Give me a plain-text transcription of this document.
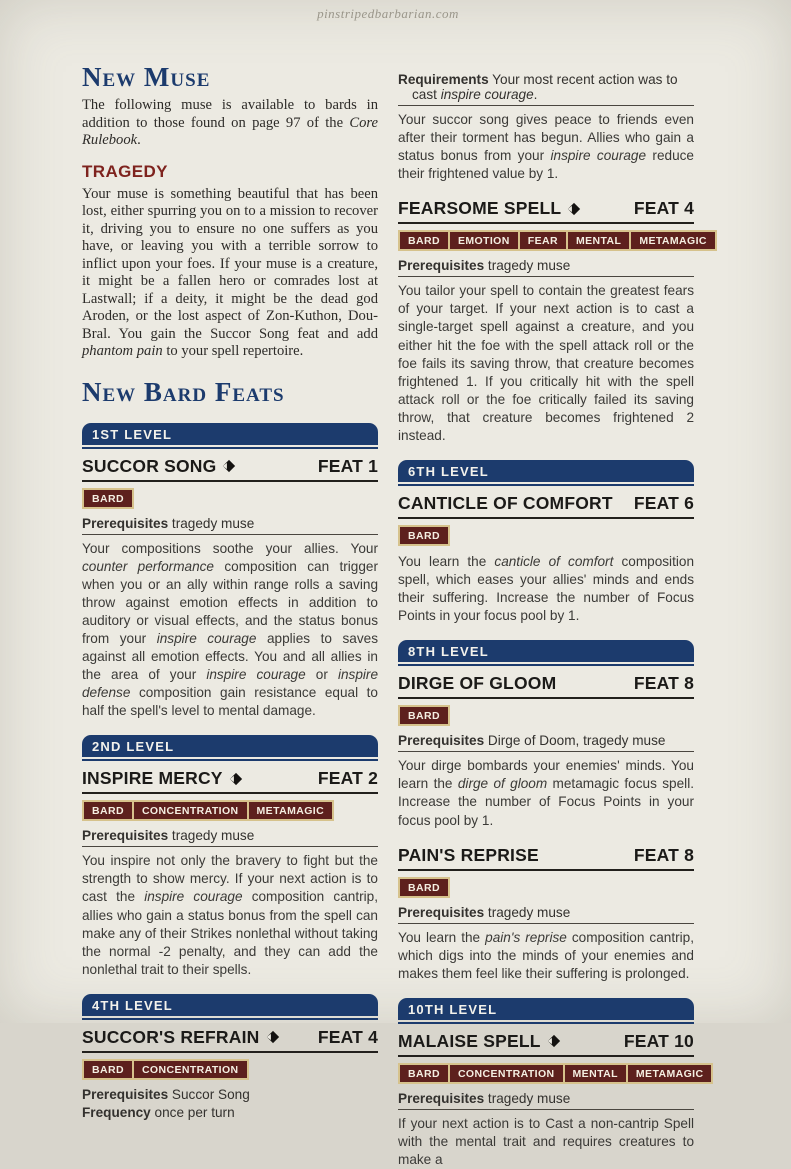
pinstripedbarbarian.com
New Muse

The following muse is available to bards in addition to those found on page 97 of the Core Rulebook.

TRAGEDY

Your muse is something beautiful that has been lost, either spurring you on to a mission to recover it, driving you to ensure no one suffers as you have, or leaving you with a terrible sorrow to inflict upon your foes. If your muse is a creature, it might be a fallen hero or comrades lost at Lastwall; if a deity, it might be the dead god Aroden, or the lost aspect of Zon-Kuthon, Dou-Bral. You gain the Succor Song feat and add phantom pain to your spell repertoire.

New Bard Feats
1ST LEVEL
SUCCOR SONG	FEAT 1
BARD

Prerequisites tragedy muse

Your compositions soothe your allies. Your counter performance composition can trigger when you or an ally within range rolls a saving throw against emotion effects in addition to auditory or visual effects, and the status bonus from your inspire courage applies to saves against all emotion effects. You and all allies in the area of your inspire courage or inspire defense composition gain resistance equal to half the spell's level to mental damage.

2ND LEVEL
INSPIRE MERCY	FEAT 2
BARD	CONCENTRATION	METAMAGIC

Prerequisites tragedy muse

You inspire not only the bravery to fight but the strength to show mercy. If your next action is to cast the inspire courage composition cantrip, allies who gain a status bonus from the spell can make any of their Strikes nonlethal without taking the normal -2 penalty, and they can add the nonlethal trait to their spells.

4TH LEVEL
SUCCOR'S REFRAIN	FEAT 4
BARD	CONCENTRATION

Prerequisites Succor Song

Frequency once per turn

Requirements Your most recent action was to cast inspire courage.

Your succor song gives peace to friends even after their torment has begun. Allies who gain a status bonus from your inspire courage reduce their frightened value by 1.

FEARSOME SPELL	FEAT 4
BARD	EMOTION	FEAR	MENTAL	METAMAGIC

Prerequisites tragedy muse

You tailor your spell to contain the greatest fears of your target. If your next action is to cast a single-target spell against a creature, and you either hit the foe with the spell attack roll or the foe fails its saving throw, that creature becomes frightened 1. If you critically hit with the spell attack roll or the foe critically failed its saving throw, that creature becomes frightened 2 instead.

6TH LEVEL
CANTICLE OF COMFORT FEAT 6
BARD

You learn the canticle of comfort composition spell, which eases your allies' minds and ends their suffering. Increase the number of Focus Points in your focus pool by 1.

8TH LEVEL
DIRGE OF GLOOM	FEAT 8
BARD

Prerequisites Dirge of Doom, tragedy muse

Your dirge bombards your enemies' minds. You learn the dirge of gloom metamagic focus spell. Increase the number of Focus Points in your focus pool by 1.

PAIN'S REPRISE	FEAT 8
BARD

Prerequisites tragedy muse

You learn the pain's reprise composition cantrip, which digs into the minds of your enemies and makes them feel like their suffering is prolonged.

10TH LEVEL
MALAISE SPELL	FEAT 10
BARD	CONCENTRATION	MENTAL	METAMAGIC

Prerequisites tragedy muse

If your next action is to Cast a non-cantrip Spell with the mental trait and requires creatures to make a
